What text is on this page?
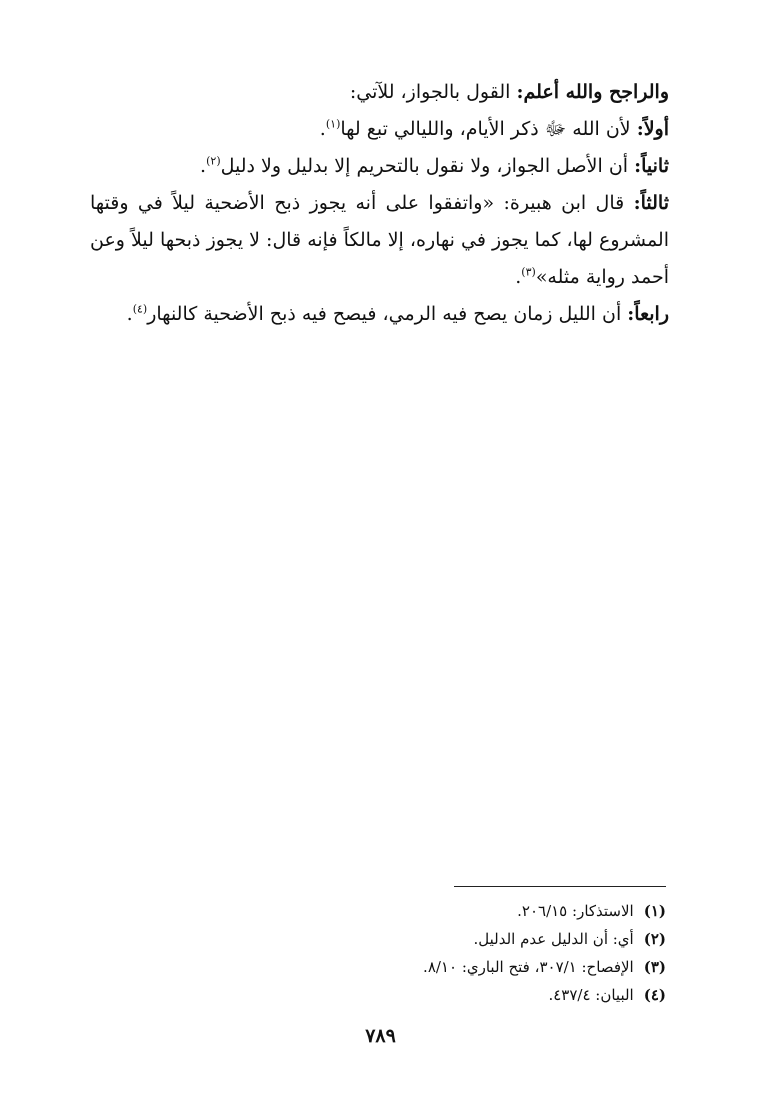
والراجح والله أعلم: القول بالجواز، للآتي:

أولاً: لأن الله ﷻ ذكر الأيام، والليالي تبع لها$^{(١)}$.

ثانياً: أن الأصل الجواز، ولا نقول بالتحريم إلا بدليل ولا دليل$^{(٢)}$.

ثالثاً: قال ابن هبيرة: «واتفقوا على أنه يجوز ذبح الأضحية ليلاً في وقتها المشروع لها، كما يجوز في نهاره، إلا مالكاً فإنه قال: لا يجوز ذبحها ليلاً وعن أحمد رواية مثله»$^{(٣)}$.

رابعاً: أن الليل زمان يصح فيه الرمي، فيصح فيه ذبح الأضحية كالنهار$^{(٤)}$.

(١)الاستذكار: ٢٠٦/١٥.

(٢)أي: أن الدليل عدم الدليل.

(٣)الإفصاح: ٣٠٧/١، فتح الباري: ٨/١٠.

(٤)البيان: ٤٣٧/٤.

٧٨٩
